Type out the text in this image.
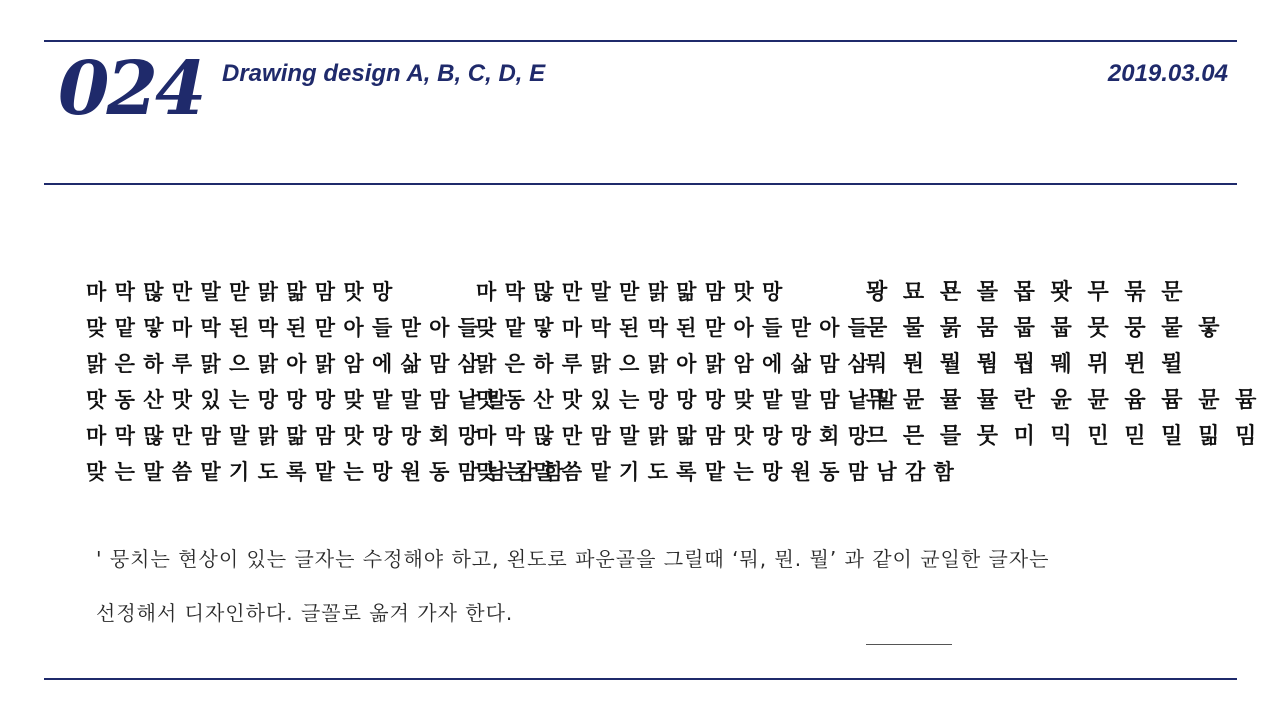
024 Drawing design A, B, C, D, E	2019.03.04
마 막 많 만 말 맏 맑 맒 맘 맛 망
맞 맡 맣 마 막 된 막 된 맏 아 들 맏 아 들
맑 은 하 루 맑 으 맑 아 맑 암 에 삶 맘 삼
맛 동 산 맛 있 는 망 망 망 맞 맡 말 맘 낱 말
마 막 많 만 맘 말 맑 맒 맘 맛 망 망 회 망
맞 는 말 씀 맡 기 도 록 맡 는 망 원 동 맘 남 감 함
마 막 많 만 말 맏 맑 맒 맘 맛 망
맞 맡 맣 마 막 된 막 된 맏 아 들 맏 아 들
맑 은 하 루 맑 으 맑 아 맑 암 에 삶 맘 삼
맛 동 산 맛 있 는 망 망 망 맞 맡 말 맘 낱 말
마 막 많 만 맘 말 맑 맒 맘 맛 망 망 회 망
맞 는 말 씀 맡 기 도 록 맡 는 망 원 동 맘 남 감 함
뫙 묘 묜 몰 몹 뫗 무 묶 문
묻 물 묽 뭄 뭅 뭅 뭇 뭉 뭍 뭏
뭐 뭔 뭘 뭠 뭡 뭬 뮈 뮌 뮐
뮤 뮨 뮬 뮬 란 윤 뮨 윰 뮴 뮨 뮴
므 믄 믈 뭇 미 믹 민 믿 밀 밂 밈
' 뭉치는 현상이 있는 글자는 수정해야 하고, 왼도로 파운골을 그릴때 ‘뭐, 뭔. 뭘’ 과 같이 균일한 글자는
선정해서 디자인하다. 글꼴로 옮겨 가자 한다.
